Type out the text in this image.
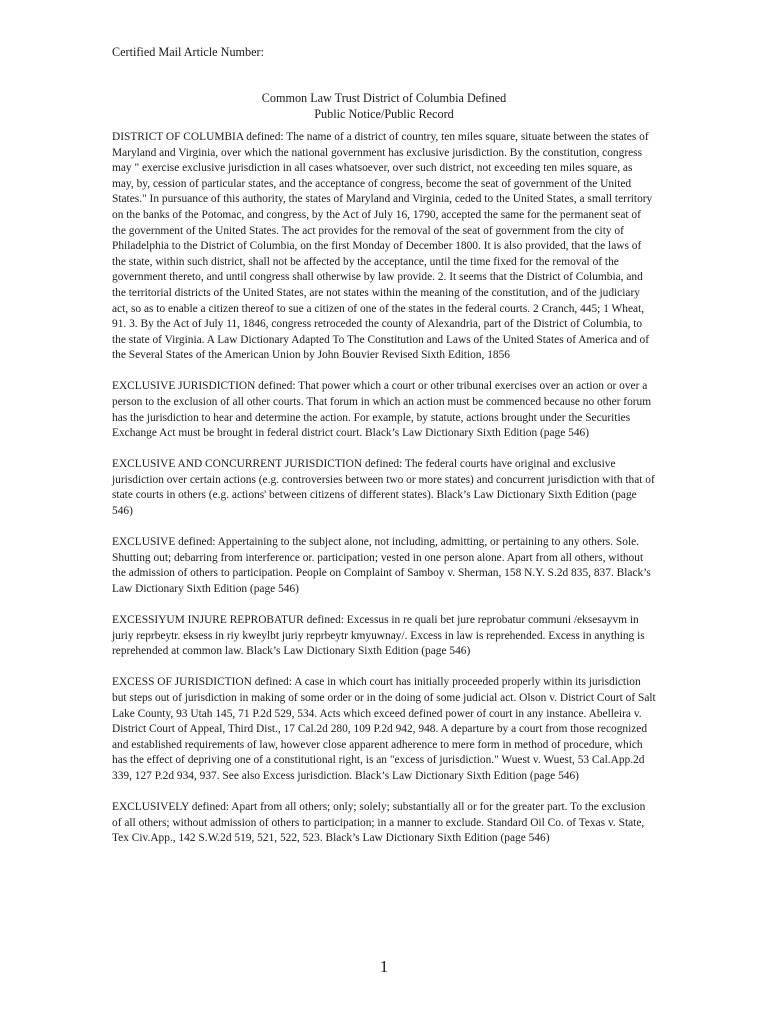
Certified Mail Article Number:
Common Law Trust District of Columbia Defined
Public Notice/Public Record

DISTRICT OF COLUMBIA defined: The name of a district of country, ten miles square, situate between the states of Maryland and Virginia, over which the national government has exclusive jurisdiction. By the constitution, congress may " exercise exclusive jurisdiction in all cases whatsoever, over such district, not exceeding ten miles square, as may, by, cession of particular states, and the acceptance of congress, become the seat of government of the United States." In pursuance of this authority, the states of Maryland and Virginia, ceded to the United States, a small territory on the banks of the Potomac, and congress, by the Act of July 16, 1790, accepted the same for the permanent seat of the government of the United States. The act provides for the removal of the seat of government from the city of Philadelphia to the District of Columbia, on the first Monday of December 1800. It is also provided, that the laws of the state, within such district, shall not be affected by the acceptance, until the time fixed for the removal of the government thereto, and until congress shall otherwise by law provide. 2. It seems that the District of Columbia, and the territorial districts of the United States, are not states within the meaning of the constitution, and of the judiciary act, so as to enable a citizen thereof to sue a citizen of one of the states in the federal courts. 2 Cranch, 445; 1 Wheat, 91. 3. By the Act of July 11, 1846, congress retroceded the county of Alexandria, part of the District of Columbia, to the state of Virginia. A Law Dictionary Adapted To The Constitution and Laws of the United States of America and of the Several States of the American Union by John Bouvier Revised Sixth Edition, 1856

EXCLUSIVE JURISDICTION defined: That power which a court or other tribunal exercises over an action or over a person to the exclusion of all other courts. That forum in which an action must be commenced because no other forum has the jurisdiction to hear and determine the action. For example, by statute, actions brought under the Securities Exchange Act must be brought in federal district court. Black’s Law Dictionary Sixth Edition (page 546)

EXCLUSIVE AND CONCURRENT JURISDICTION defined: The federal courts have original and exclusive jurisdiction over certain actions (e.g. controversies between two or more states) and concurrent jurisdiction with that of state courts in others (e.g. actions' between citizens of different states). Black’s Law Dictionary Sixth Edition (page 546)

EXCLUSIVE defined: Appertaining to the subject alone, not including, admitting, or pertaining to any others. Sole. Shutting out; debarring from interference or. participation; vested in one person alone. Apart from all others, without the admission of others to participation. People on Complaint of Samboy v. Sherman, 158 N.Y. S.2d 835, 837. Black’s Law Dictionary Sixth Edition (page 546)

EXCESSIYUM INJURE REPROBATUR defined: Excessus in re quali bet jure reprobatur communi /eksesayvm in juriy reprbeytr. eksess in riy kweylbt juriy reprbeytr kmyuwnay/. Excess in law is reprehended. Excess in anything is reprehended at common law. Black’s Law Dictionary Sixth Edition (page 546)

EXCESS OF JURISDICTION defined: A case in which court has initially proceeded properly within its jurisdiction but steps out of jurisdiction in making of some order or in the doing of some judicial act. Olson v. District Court of Salt Lake County, 93 Utah 145, 71 P.2d 529, 534. Acts which exceed defined power of court in any instance. Abelleira v. District Court of Appeal, Third Dist., 17 Cal.2d 280, 109 P.2d 942, 948. A departure by a court from those recognized and established requirements of law, however close apparent adherence to mere form in method of procedure, which has the effect of depriving one of a constitutional right, is an "excess of jurisdiction." Wuest v. Wuest, 53 Cal.App.2d 339, 127 P.2d 934, 937. See also Excess jurisdiction. Black’s Law Dictionary Sixth Edition (page 546)

EXCLUSIVELY defined: Apart from all others; only; solely; substantially all or for the greater part. To the exclusion of all others; without admission of others to participation; in a manner to exclude. Standard Oil Co. of Texas v. State, Tex Civ.App., 142 S.W.2d 519, 521, 522, 523. Black’s Law Dictionary Sixth Edition (page 546)

1
